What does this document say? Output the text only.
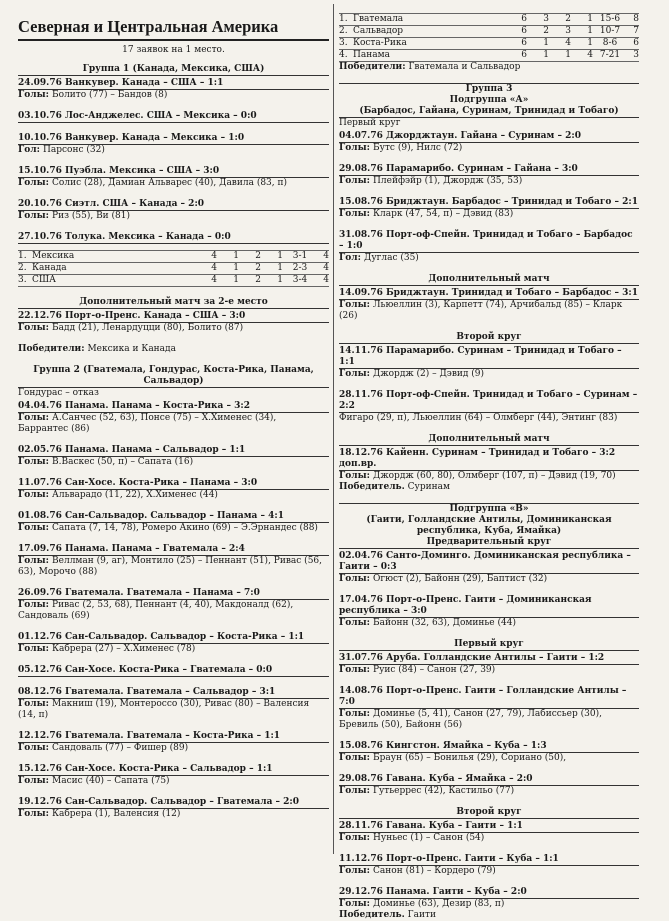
Северная и Центральная Америка
17 заявок на 1 место.
Группа 1 (Канада, Мексика, США)
24.09.76 Ванкувер. Канада – США – 1:1
Голы: Болито (77) – Бандов (8)
03.10.76 Лос-Анджелес. США – Мексика – 0:0
10.10.76 Ванкувер. Канада – Мексика – 1:0
Гол: Парсонс (32)
15.10.76 Пуэбла. Мексика – США – 3:0
Голы: Солис (28), Дамиан Альварес (40), Давила (83, п)
20.10.76 Сиэтл. США – Канада – 2:0
Голы: Риз (55), Ви (81)
27.10.76 Толука. Мексика – Канада – 0:0
1.	Мексика	4	1	2	1	3-1	4
2.	Канада	4	1	2	1	2-3	4
3.	США	4	1	2	1	3-4	4
Дополнительный матч за 2-е место
22.12.76 Порт-о-Пренс. Канада – США – 3:0
Голы: Бадд (21), Ленардуцци (80), Болито (87)
Победители: Мексика и Канада
Группа 2 (Гватемала, Гондурас, Коста-Рика, Панама, Сальвадор)
Гондурас – отказ
04.04.76 Панама. Панама – Коста-Рика – 3:2
Голы: А.Санчес (52, 63), Понсе (75) – Х.Хименес (34), Баррантес (86)
02.05.76 Панама. Панама – Сальвадор – 1:1
Голы: В.Васкес (50, п) – Сапата (16)
11.07.76 Сан-Хосе. Коста-Рика – Панама – 3:0
Голы: Альварадо (11, 22), Х.Хименес (44)
01.08.76 Сан-Сальвадор. Сальвадор – Панама – 4:1
Голы: Сапата (7, 14, 78), Ромеро Акино (69) – Э.Эрнандес (88)
17.09.76 Панама. Панама – Гватемала – 2:4
Голы: Веллман (9, аг), Монтило (25) – Пеннант (51), Ривас (56, 63), Морочо (88)
26.09.76 Гватемала. Гватемала – Панама – 7:0
Голы: Ривас (2, 53, 68), Пеннант (4, 40), Макдоналд (62), Сандоваль (69)
01.12.76 Сан-Сальвадор. Сальвадор – Коста-Рика – 1:1
Голы: Кабрера (27) – Х.Хименес (78)
05.12.76 Сан-Хосе. Коста-Рика – Гватемала – 0:0
08.12.76 Гватемала. Гватемала – Сальвадор – 3:1
Голы: Макниш (19), Монтероссо (30), Ривас (80) – Валенсия (14, п)
12.12.76 Гватемала. Гватемала – Коста-Рика – 1:1
Голы: Сандоваль (77) – Фишер (89)
15.12.76 Сан-Хосе. Коста-Рика – Сальвадор – 1:1
Голы: Масис (40) – Сапата (75)
19.12.76 Сан-Сальвадор. Сальвадор – Гватемала – 2:0
Голы: Кабрера (1), Валенсия (12)
1.	Гватемала	6	3	2	1	15-6	8
2.	Сальвадор	6	2	3	1	10-7	7
3.	Коста-Рика	6	1	4	1	8-6	6
4.	Панама	6	1	1	4	7-21	3
Победители: Гватемала и Сальвадор
Группа 3
Подгруппа «А»
(Барбадос, Гайана, Суринам, Тринидад и Тобаго)
Первый круг
04.07.76 Джорджтаун. Гайана – Суринам – 2:0
Голы: Бутс (9), Нилс (72)
29.08.76 Парамарибо. Суринам – Гайана – 3:0
Голы: Плейфэйр (1), Джордж (35, 53)
15.08.76 Бриджтаун. Барбадос – Тринидад и Тобаго – 2:1
Голы: Кларк (47, 54, п) – Дэвид (83)
31.08.76 Порт-оф-Спейн. Тринидад и Тобаго – Барбадос – 1:0
Гол: Дуглас (35)
Дополнительный матч
14.09.76 Бриджтаун. Тринидад и Тобаго – Барбадос – 3:1
Голы: Льюеллин (3), Карпетт (74), Арчибальд (85) – Кларк (26)
Второй круг
14.11.76 Парамарибо. Суринам – Тринидад и Тобаго – 1:1
Голы: Джордж (2) – Дэвид (9)
28.11.76 Порт-оф-Спейн. Тринидад и Тобаго – Суринам – 2:2
Фигаро (29, п), Льюеллин (64) – Олмберг (44), Энтинг (83)
Дополнительный матч
18.12.76 Кайенн. Суринам – Тринидад и Тобаго – 3:2 доп.вр.
Голы: Джордж (60, 80), Олмберг (107, п) – Дэвид (19, 70)
Победитель. Суринам
Подгруппа «В»
(Гаити, Голландские Антилы, Доминиканская республика, Куба, Ямайка)
Предварительный круг
02.04.76 Санто-Доминго. Доминиканская республика – Гаити – 0:3
Голы: Огюст (2), Байонн (29), Баптист (32)
17.04.76 Порт-о-Пренс. Гаити – Доминиканская республика – 3:0
Голы: Байонн (32, 63), Доминье (44)
Первый круг
31.07.76 Аруба. Голландские Антилы – Гаити – 1:2
Голы: Руис (84) – Санон (27, 39)
14.08.76 Порт-о-Пренс. Гаити – Голландские Антилы – 7:0
Голы: Доминье (5, 41), Санон (27, 79), Лабиссьер (30), Бревиль (50), Байонн (56)
15.08.76 Кингстон. Ямайка – Куба – 1:3
Голы: Браун (65) – Бонилья (29), Сориано (50),
29.08.76 Гавана. Куба – Ямайка – 2:0
Голы: Гутьеррес (42), Кастильо (77)
Второй круг
28.11.76 Гавана. Куба – Гаити – 1:1
Голы: Нуньес (1) – Санон (54)
11.12.76 Порт-о-Пренс. Гаити – Куба – 1:1
Голы: Санон (81) – Кордеро (79)
29.12.76 Панама. Гаити – Куба – 2:0
Голы: Доминье (63), Дезир (83, п)
Победитель. Гаити
